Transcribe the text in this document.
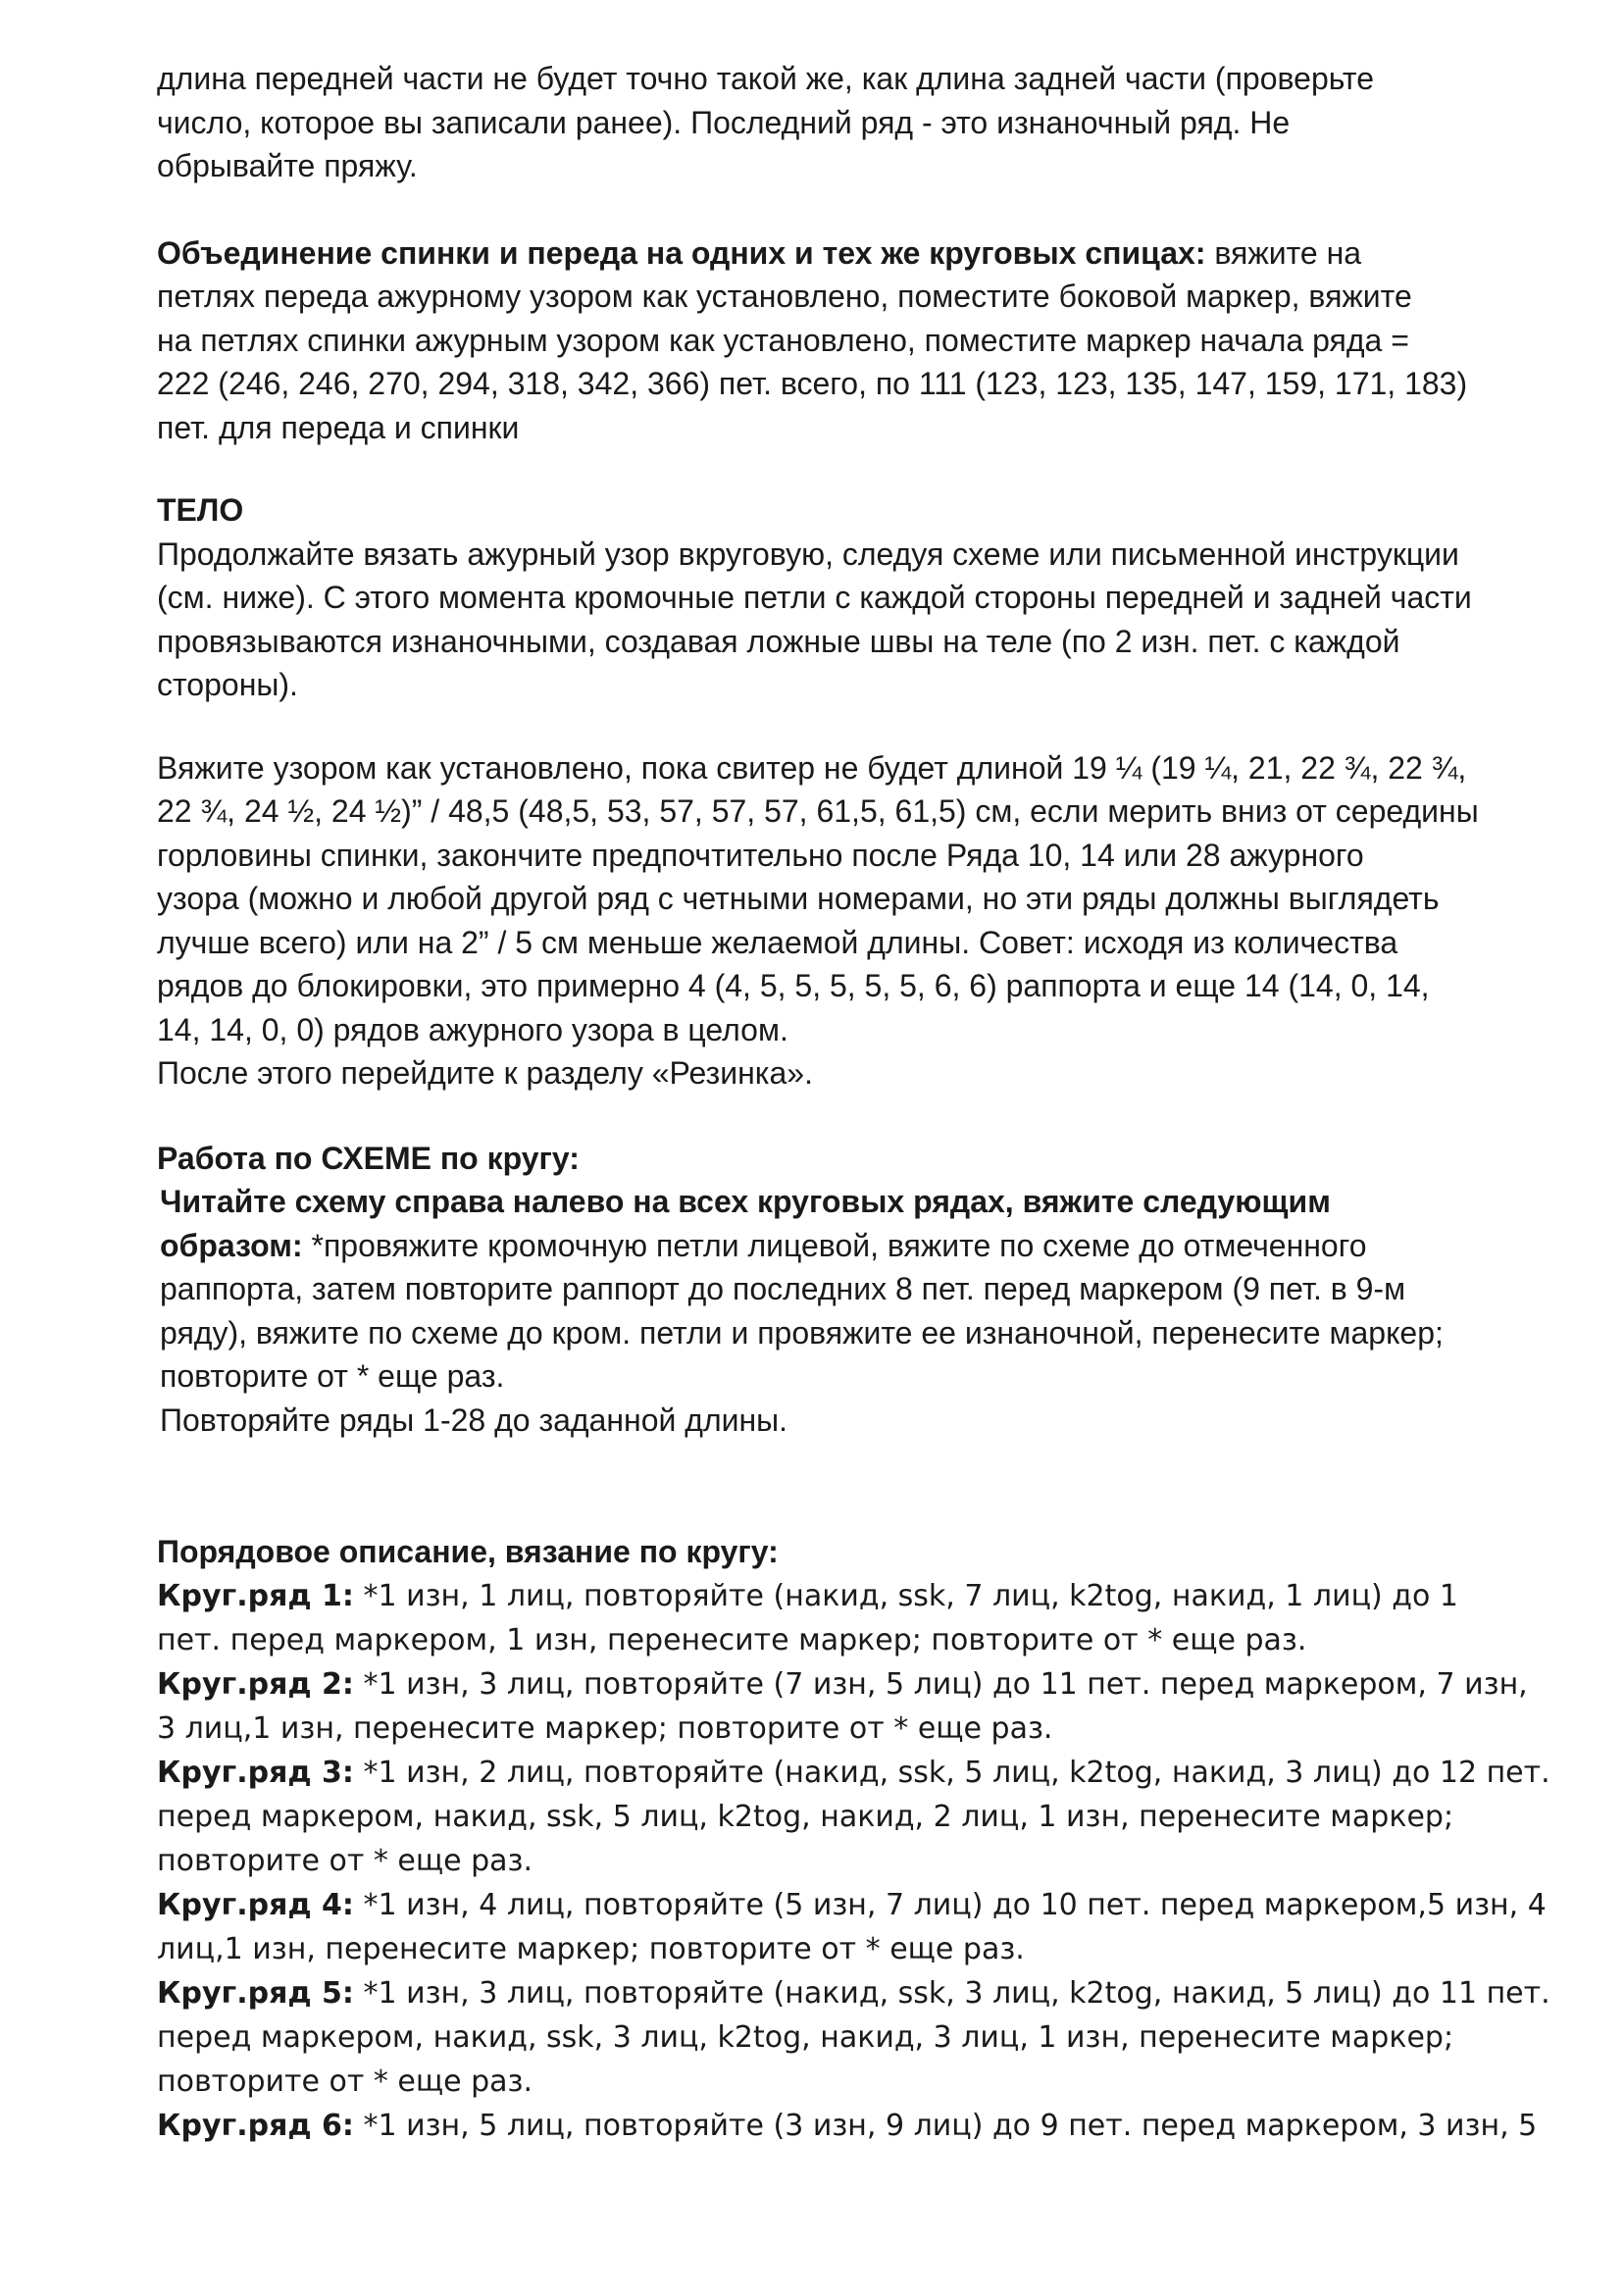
длина передней части не будет точно такой же, как длина задней части (проверьте
число, которое вы записали ранее). Последний ряд - это изнаночный ряд. Не
обрывайте пряжу.
Объединение спинки и переда на одних и тех же круговых спицах: вяжите на
петлях переда ажурному узором как установлено, поместите боковой маркер, вяжите
на петлях спинки ажурным узором как установлено, поместите маркер начала ряда =
222 (246, 246, 270, 294, 318, 342, 366) пет. всего, по 111 (123, 123, 135, 147, 159, 171, 183)
пет. для переда и спинки
ТЕЛО
Продолжайте вязать ажурный узор вкруговую, следуя схеме или письменной инструкции
(см. ниже). С этого момента кромочные петли с каждой стороны передней и задней части
провязываются изнаночными, создавая ложные швы на теле (по 2 изн. пет. с каждой
стороны).
Вяжите узором как установлено, пока свитер не будет длиной 19 ¼ (19 ¼, 21, 22 ¾, 22 ¾,
22 ¾, 24 ½, 24 ½)” / 48,5 (48,5, 53, 57, 57, 57, 61,5, 61,5) см, если мерить вниз от середины
горловины спинки, закончите предпочтительно после Ряда 10, 14 или 28 ажурного
узора (можно и любой другой ряд с четными номерами, но эти ряды должны выглядеть
лучше всего) или на 2” / 5 см меньше желаемой длины. Совет: исходя из количества
рядов до блокировки, это примерно 4 (4, 5, 5, 5, 5, 5, 6, 6) раппорта и еще 14 (14, 0, 14,
14, 14, 0, 0) рядов ажурного узора в целом.
После этого перейдите к разделу «Резинка».
Работа по СХЕМЕ по кругу:
Читайте схему справа налево на всех круговых рядах, вяжите следующим
образом: *провяжите кромочную петли лицевой, вяжите по схеме до отмеченного
раппорта, затем повторите раппорт до последних 8 пет. перед маркером (9 пет. в 9-м
ряду), вяжите по схеме до кром. петли и провяжите ее изнаночной, перенесите маркер;
повторите от * еще раз.
Повторяйте ряды 1-28 до заданной длины.
Порядовое описание, вязание по кругу:
Круг.ряд 1: *1 изн, 1 лиц, повторяйте (накид, ssk, 7 лиц, k2tog, накид, 1 лиц) до 1
пет. перед маркером, 1 изн, перенесите маркер; повторите от * еще раз.
Круг.ряд 2: *1 изн, 3 лиц, повторяйте (7 изн, 5 лиц) до 11 пет. перед маркером, 7 изн,
3 лиц,1 изн, перенесите маркер; повторите от * еще раз.
Круг.ряд 3: *1 изн, 2 лиц, повторяйте (накид, ssk, 5 лиц, k2tog, накид, 3 лиц) до 12 пет.
перед маркером, накид, ssk, 5 лиц, k2tog, накид, 2 лиц, 1 изн, перенесите маркер;
повторите от * еще раз.
Круг.ряд 4: *1 изн, 4 лиц, повторяйте (5 изн, 7 лиц) до 10 пет. перед маркером,5 изн, 4
лиц,1 изн, перенесите маркер; повторите от * еще раз.
Круг.ряд 5: *1 изн, 3 лиц, повторяйте (накид, ssk, 3 лиц, k2tog, накид, 5 лиц) до 11 пет.
перед маркером, накид, ssk, 3 лиц, k2tog, накид, 3 лиц, 1 изн, перенесите маркер;
повторите от * еще раз.
Круг.ряд 6: *1 изн, 5 лиц, повторяйте (3 изн, 9 лиц) до 9 пет. перед маркером, 3 изн, 5
